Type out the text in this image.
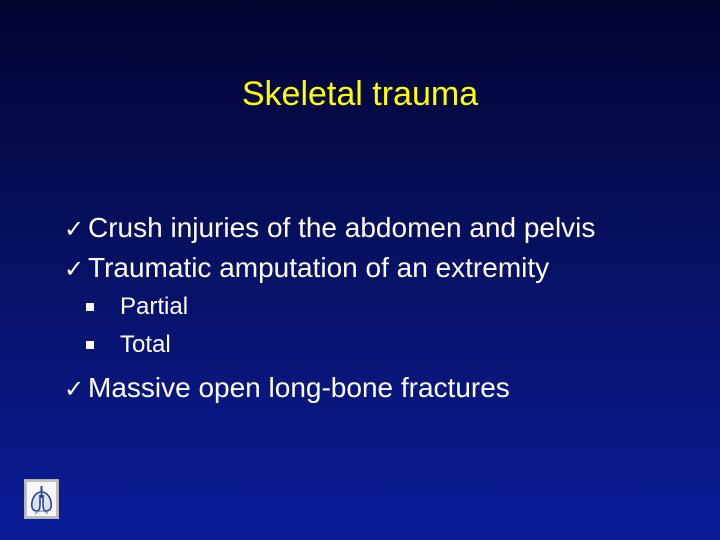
Skeletal trauma
✓ Crush injuries of the abdomen and pelvis
✓ Traumatic amputation of an extremity
Partial
Total
✓ Massive open long-bone fractures
